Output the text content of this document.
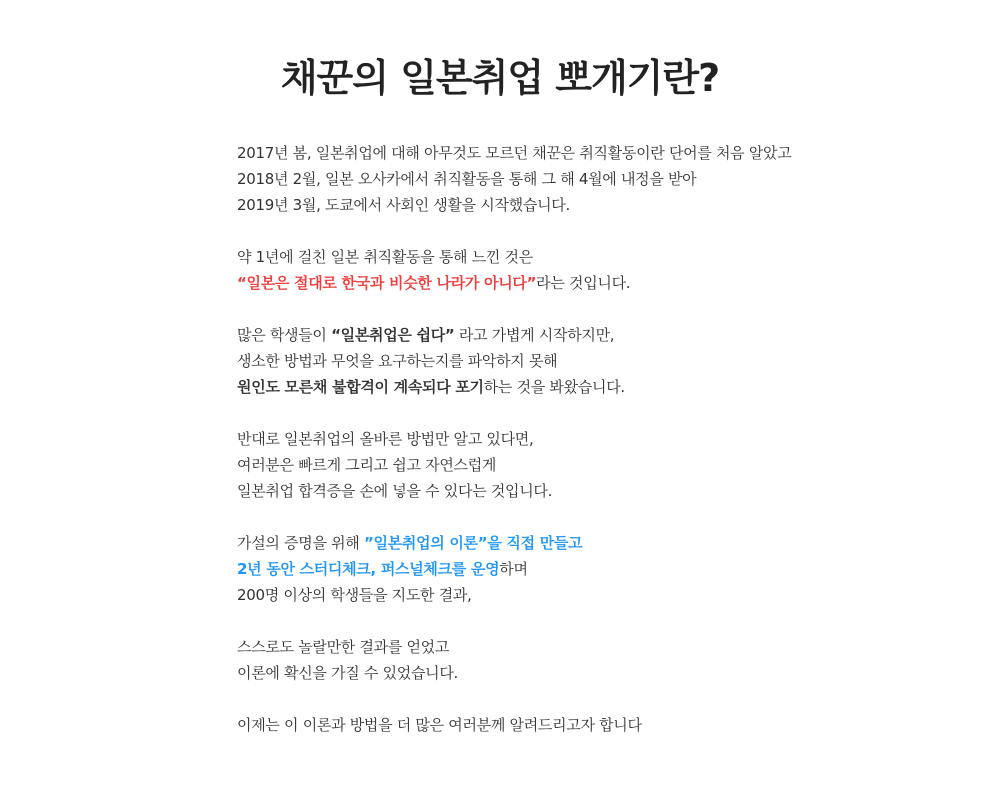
채꾼의 일본취업 뽀개기란?
2017년 봄, 일본취업에 대해 아무것도 모르던 채꾼은 취직활동이란 단어를 처음 알았고
2018년 2월, 일본 오사카에서 취직활동을 통해 그 해 4월에 내정을 받아
2019년 3월, 도쿄에서 사회인 생활을 시작했습니다.
약 1년에 걸친 일본 취직활동을 통해 느낀 것은
“일본은 절대로 한국과 비슷한 나라가 아니다”라는 것입니다.
많은 학생들이 “일본취업은 쉽다” 라고 가볍게 시작하지만,
생소한 방법과 무엇을 요구하는지를 파악하지 못해
원인도 모른채 불합격이 계속되다 포기하는 것을 봐왔습니다.
반대로 일본취업의 올바른 방법만 알고 있다면,
여러분은 빠르게 그리고 쉽고 자연스럽게
일본취업 합격증을 손에 넣을 수 있다는 것입니다.
가설의 증명을 위해 ”일본취업의 이론”을 직접 만들고
2년 동안 스터디체크, 퍼스널체크를 운영하며
200명 이상의 학생들을 지도한 결과,
스스로도 놀랄만한 결과를 얻었고
이론에 확신을 가질 수 있었습니다.
이제는 이 이론과 방법을 더 많은 여러분께 알려드리고자 합니다
